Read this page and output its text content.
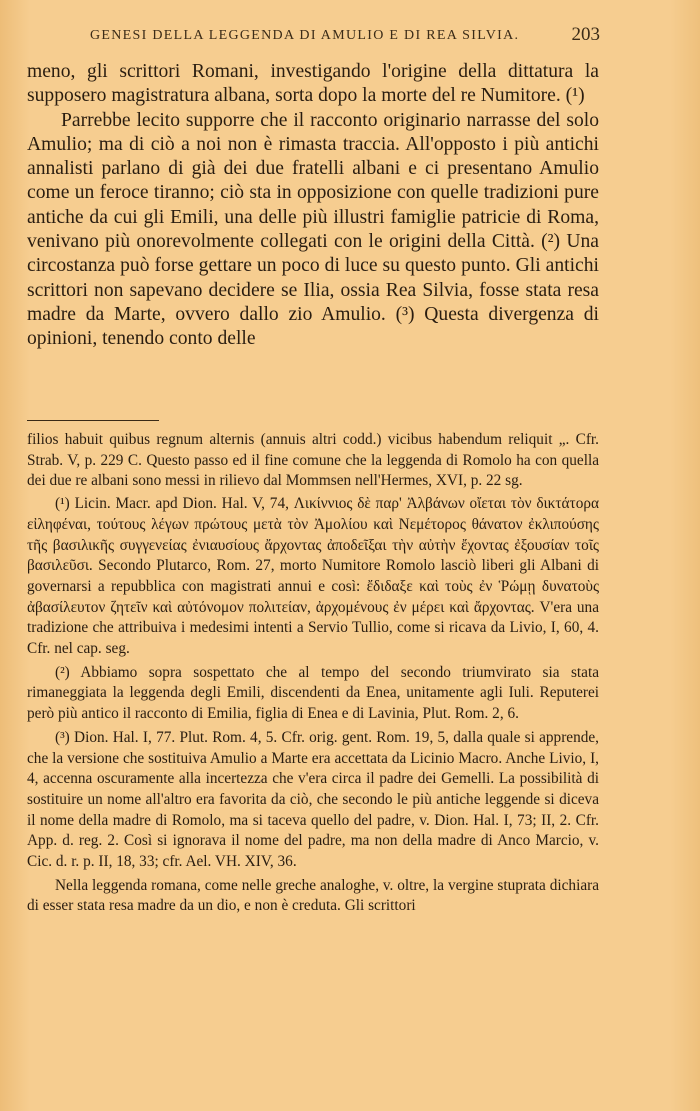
GENESI DELLA LEGGENDA DI AMULIO E DI REA SILVIA.	203

meno, gli scrittori Romani, investigando l'origine della dittatura la supposero magistratura albana, sorta dopo la morte del re Numitore. (¹)

Parrebbe lecito supporre che il racconto originario narrasse del solo Amulio; ma di ciò a noi non è rimasta traccia. All'opposto i più antichi annalisti parlano di già dei due fratelli albani e ci presentano Amulio come un feroce tiranno; ciò sta in opposizione con quelle tradizioni pure antiche da cui gli Emili, una delle più illustri famiglie patricie di Roma, venivano più onorevolmente collegati con le origini della Città. (²) Una circostanza può forse gettare un poco di luce su questo punto. Gli antichi scrittori non sapevano decidere se Ilia, ossia Rea Silvia, fosse stata resa madre da Marte, ovvero dallo zio Amulio. (³) Questa divergenza di opinioni, tenendo conto delle

filios habuit quibus regnum alternis (annuis altri codd.) vicibus habendum reliquit „. Cfr. Strab. V, p. 229 C. Questo passo ed il fine comune che la leggenda di Romolo ha con quella dei due re albani sono messi in rilievo dal Mommsen nell'Hermes, XVI, p. 22 sg.

(¹) Licin. Macr. apd Dion. Hal. V, 74, Λικίννιος δὲ παρ' Ἀλβάνων οἴεται τὸν δικτάτορα εἰληφέναι, τούτους λέγων πρώτους μετὰ τὸν Ἀμολίου καὶ Νεμέτορος θάνατον ἐκλιπούσης τῆς βασιλικῆς συγγενείας ἐνιαυσίους ἄρχοντας ἀποδεῖξαι τὴν αὐτὴν ἔχοντας ἐξουσίαν τοῖς βασιλεῦσι. Secondo Plutarco, Rom. 27, morto Numitore Romolo lasciò liberi gli Albani di governarsi a repubblica con magistrati annui e così: ἔδιδαξε καὶ τοὺς ἐν Ῥώμῃ δυνατοὺς ἀβασίλευτον ζητεῖν καὶ αὐτόνομον πολιτείαν, ἀρχομένους ἐν μέρει καὶ ἄρχοντας. V'era una tradizione che attribuiva i medesimi intenti a Servio Tullio, come si ricava da Livio, I, 60, 4. Cfr. nel cap. seg.

(²) Abbiamo sopra sospettato che al tempo del secondo triumvirato sia stata rimaneggiata la leggenda degli Emili, discendenti da Enea, unitamente agli Iuli. Reputerei però più antico il racconto di Emilia, figlia di Enea e di Lavinia, Plut. Rom. 2, 6.

(³) Dion. Hal. I, 77. Plut. Rom. 4, 5. Cfr. orig. gent. Rom. 19, 5, dalla quale si apprende, che la versione che sostituiva Amulio a Marte era accettata da Licinio Macro. Anche Livio, I, 4, accenna oscuramente alla incertezza che v'era circa il padre dei Gemelli. La possibilità di sostituire un nome all'altro era favorita da ciò, che secondo le più antiche leggende si diceva il nome della madre di Romolo, ma si taceva quello del padre, v. Dion. Hal. I, 73; II, 2. Cfr. App. d. reg. 2. Così si ignorava il nome del padre, ma non della madre di Anco Marcio, v. Cic. d. r. p. II, 18, 33; cfr. Ael. VH. XIV, 36.

Nella leggenda romana, come nelle greche analoghe, v. oltre, la vergine stuprata dichiara di esser stata resa madre da un dio, e non è creduta. Gli scrittori
